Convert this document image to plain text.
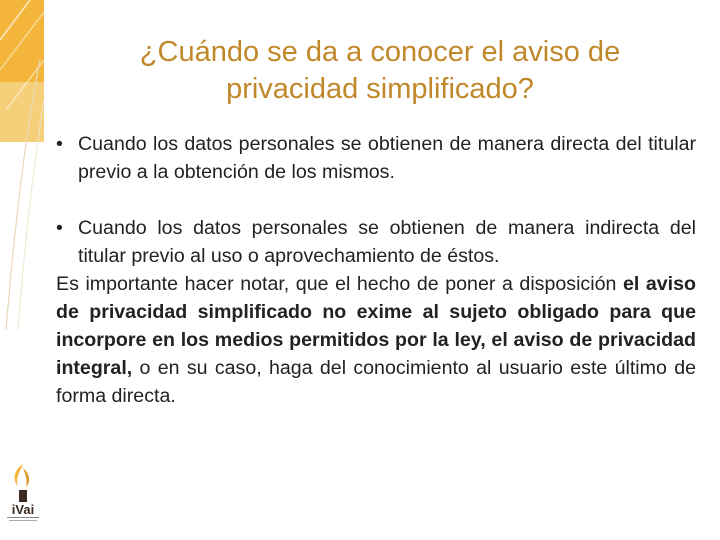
¿Cuándo se da a conocer el aviso de
privacidad simplificado?
• Cuando los datos personales se obtienen de manera directa del titular previo a la obtención de los mismos.
• Cuando los datos personales se obtienen de manera indirecta del titular previo al uso o aprovechamiento de éstos.
Es importante hacer notar, que el hecho de poner a disposición el aviso de privacidad simplificado no exime al sujeto obligado para que incorpore en los medios permitidos por la ley, el aviso de privacidad integral, o en su caso, haga del conocimiento al usuario este último de forma directa.
iVai
